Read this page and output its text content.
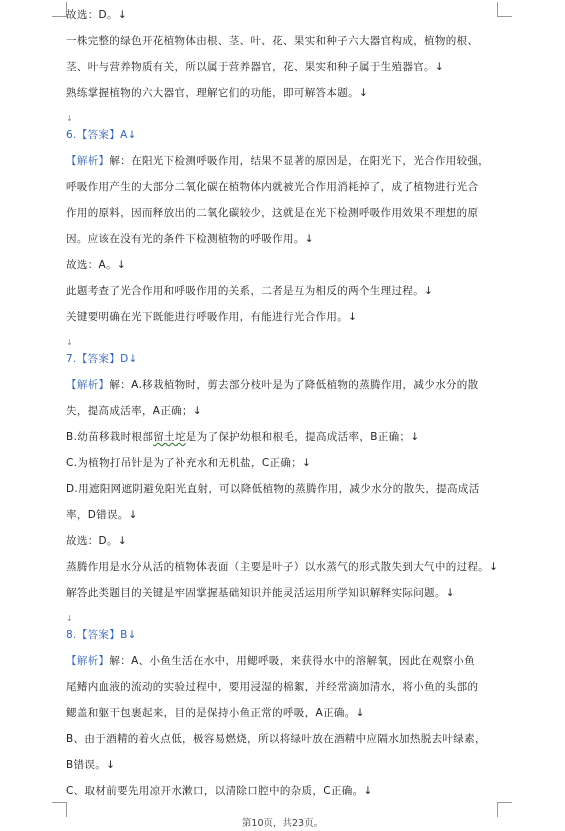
故选：D。↓
一株完整的绿色开花植物体由根、茎、叶、花、果实和种子六大器官构成，植物的根、
茎、叶与营养物质有关，所以属于营养器官，花、果实和种子属于生殖器官。↓
熟练掌握植物的六大器官，理解它们的功能，即可解答本题。↓
↓
6.【答案】A↓
【解析】解：在阳光下检测呼吸作用，结果不显著的原因是，在阳光下，光合作用较强，
呼吸作用产生的大部分二氧化碳在植物体内就被光合作用消耗掉了，成了植物进行光合
作用的原料，因而释放出的二氧化碳较少，这就是在光下检测呼吸作用效果不理想的原
因。应该在没有光的条件下检测植物的呼吸作用。↓
故选：A。↓
此题考查了光合作用和呼吸作用的关系，二者是互为相反的两个生理过程。↓
关键要明确在光下既能进行呼吸作用，有能进行光合作用。↓
↓
7.【答案】D↓
【解析】解：A.移栽植物时，剪去部分枝叶是为了降低植物的蒸腾作用，减少水分的散
失，提高成活率，A正确；↓
B.幼苗移栽时根部留土坨是为了保护幼根和根毛，提高成活率，B正确；↓
C.为植物打吊针是为了补充水和无机盐，C正确；↓
D.用遮阳网遮阴避免阳光直射，可以降低植物的蒸腾作用，减少水分的散失，提高成活
率，D错误。↓
故选：D。↓
蒸腾作用是水分从活的植物体表面（主要是叶子）以水蒸气的形式散失到大气中的过程。↓
解答此类题目的关键是牢固掌握基础知识并能灵活运用所学知识解释实际问题。↓
↓
8.【答案】B↓
【解析】解：A、小鱼生活在水中，用鳃呼吸，来获得水中的溶解氧，因此在观察小鱼
尾鳍内血液的流动的实验过程中，要用浸湿的棉絮，并经常滴加清水，将小鱼的头部的
鳃盖和躯干包裹起来，目的是保持小鱼正常的呼吸，A正确。↓
B、由于酒精的着火点低，极容易燃烧，所以将绿叶放在酒精中应隔水加热脱去叶绿素，
B错误。↓
C、取材前要先用凉开水漱口，以清除口腔中的杂质，C正确。↓
第10页，共23页。
